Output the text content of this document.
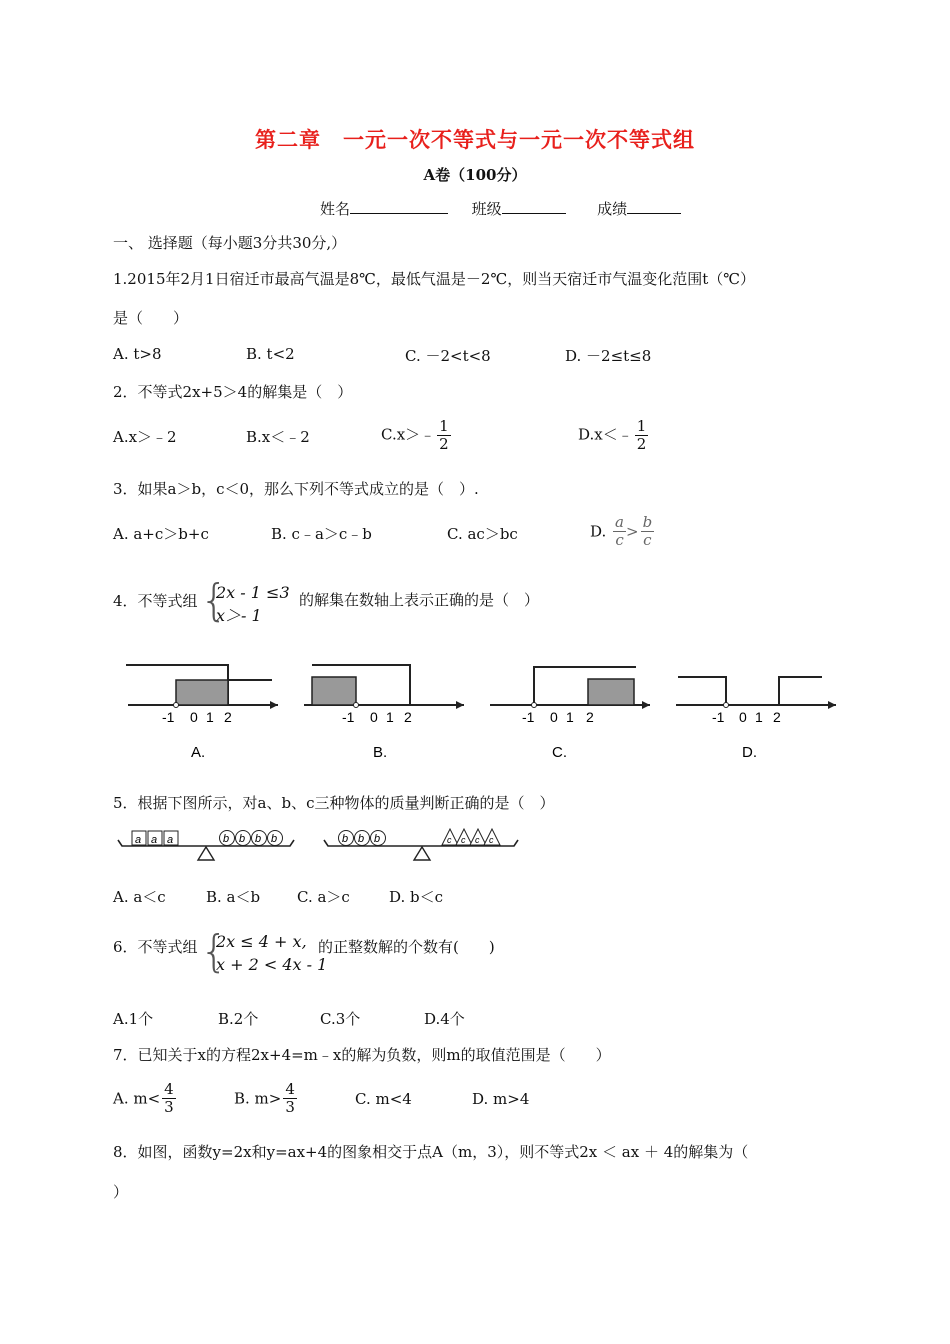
第二章　一元一次不等式与一元一次不等式组
A卷（100分）
姓名	班级	成绩
一、 选择题（每小题3分共30分,）
1.2015年2月1日宿迁市最高气温是8℃，最低气温是－2℃，则当天宿迁市气温变化范围t（℃）
是（　　）
A. t>8	B. t<2	C. －2<t<8	D. －2≤t≤8
2．不等式2x+5＞4的解集是（　）
A.x＞﹣2	B.x＜﹣2	C.x＞﹣ $\frac{1}{2}$	D.x＜﹣ $\frac{1}{2}$
3．如果a＞b，c＜0，那么下列不等式成立的是（　）.
A. a+c＞b+c	B. c﹣a＞c﹣b	C. ac＞bc	D. $\frac{a}{c} > \frac{b}{c}$
4．不等式组 {
2x - 1 ≤3
x＞- 1
的解集在数轴上表示正确的是（　）
-1 0 1 2
A.
-1 0 1 2
B.
-1 0 1 2
C.
-1 0 1 2
D.
5．根据下图所示，对a、b、c三种物体的质量判断正确的是（　）
a a a	b b b b	b b b	c c c c
A. a＜c	B. a＜b C. a＞c	D. b＜c
6．不等式组 {
2x ≤ 4 + x,
x + 2 < 4x - 1
的正整数解的个数有(　　)
A.1个	B.2个	C.3个	D.4个
7．已知关于x的方程2x+4=m﹣x的解为负数，则m的取值范围是（　　）
A. $m< \frac{4}{3}$	B. $m> \frac{4}{3}$	C. m<4	D. m>4
8．如图，函数y=2x和y=ax+4的图象相交于点A（m，3），则不等式2x ＜ ax ＋ 4的解集为（
）
